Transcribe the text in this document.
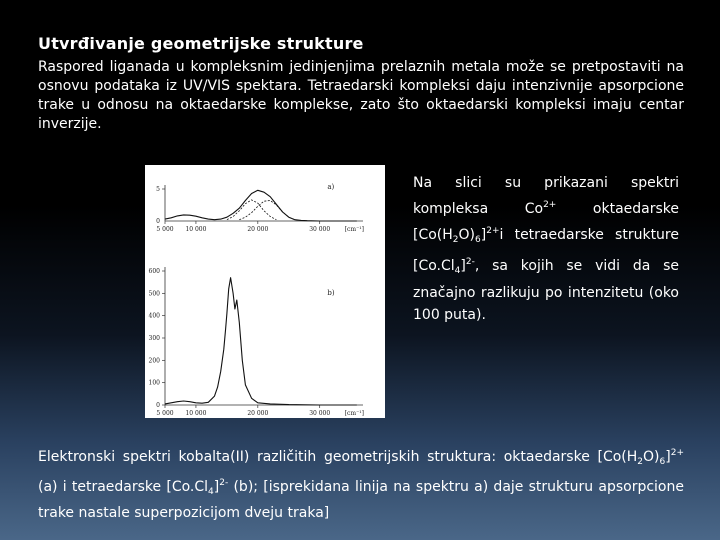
Utvrđivanje geometrijske strukture
Raspored liganada u kompleksnim jedinjenjima prelaznih metala može se pretpostaviti na osnovu podataka iz UV/VIS spektara. Tetraedarski kompleksi daju intenzivnije apsorpcione trake u odnosu na oktaedarske komplekse, zato što oktaedarski kompleksi imaju centar inverzije.
5 000 10 000	20 000	30 000 [cm⁻¹]
5
0
a)
5 000 10 000	20 000	30 000 [cm⁻¹]
600
500
400
300
200
100
0
b)
Na slici su prikazani spektri kompleksa $Co^{2+}$ oktaedarske $[Co(H_2O)_6]^{2+}i$ tetraedarske strukture $[Co.Cl_4]^{2-}$, sa kojih se vidi da se značajno razlikuju po intenzitetu (oko 100 puta).
Elektronski spektri kobalta(II) različitih geometrijskih struktura: oktaedarske $[Co(H_2O)_6]^{2+}$ (a) i tetraedarske $[Co.Cl_4]^{2-}$ (b); [isprekidana linija na spektru a) daje strukturu apsorpcione trake nastale superpozicijom dveju traka]
